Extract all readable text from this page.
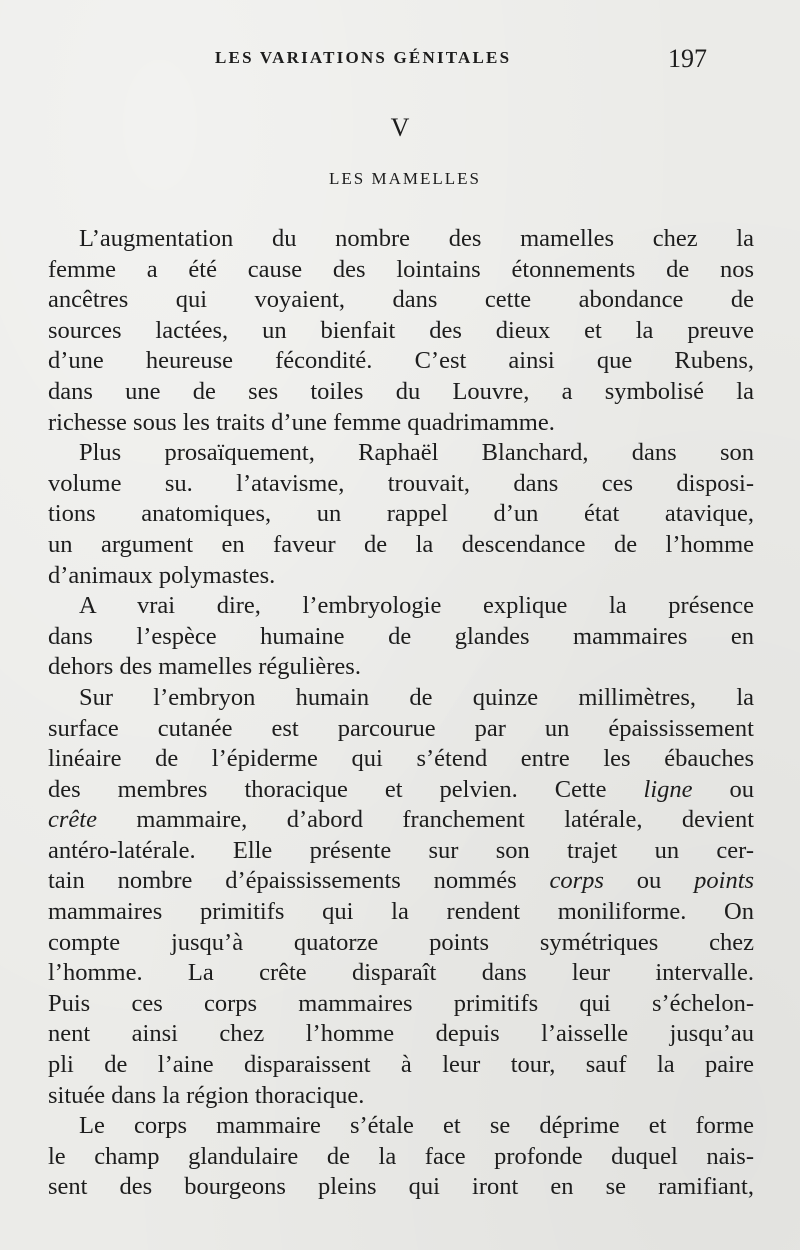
LES VARIATIONS GÉNITALES	197
V
LES MAMELLES
L’augmentation du nombre des mamelles chez la
femme a été cause des lointains étonnements de nos
ancêtres qui voyaient, dans cette abondance de
sources lactées, un bienfait des dieux et la preuve
d’une heureuse fécondité. C’est ainsi que Rubens,
dans une de ses toiles du Louvre, a symbolisé la
richesse sous les traits d’une femme quadrimamme.
Plus prosaïquement, Raphaël Blanchard, dans son
volume su. l’atavisme, trouvait, dans ces disposi-
tions anatomiques, un rappel d’un état atavique,
un argument en faveur de la descendance de l’homme
d’animaux polymastes.
A vrai dire, l’embryologie explique la présence
dans l’espèce humaine de glandes mammaires en
dehors des mamelles régulières.
Sur l’embryon humain de quinze millimètres, la
surface cutanée est parcourue par un épaississement
linéaire de l’épiderme qui s’étend entre les ébauches
des membres thoracique et pelvien. Cette ligne ou
crête mammaire, d’abord franchement latérale, devient
antéro-latérale. Elle présente sur son trajet un cer-
tain nombre d’épaississements nommés corps ou points
mammaires primitifs qui la rendent moniliforme. On
compte jusqu’à quatorze points symétriques chez
l’homme. La crête disparaît dans leur intervalle.
Puis ces corps mammaires primitifs qui s’échelon-
nent ainsi chez l’homme depuis l’aisselle jusqu’au
pli de l’aine disparaissent à leur tour, sauf la paire
située dans la région thoracique.
Le corps mammaire s’étale et se déprime et forme
le champ glandulaire de la face profonde duquel nais-
sent des bourgeons pleins qui iront en se ramifiant,
